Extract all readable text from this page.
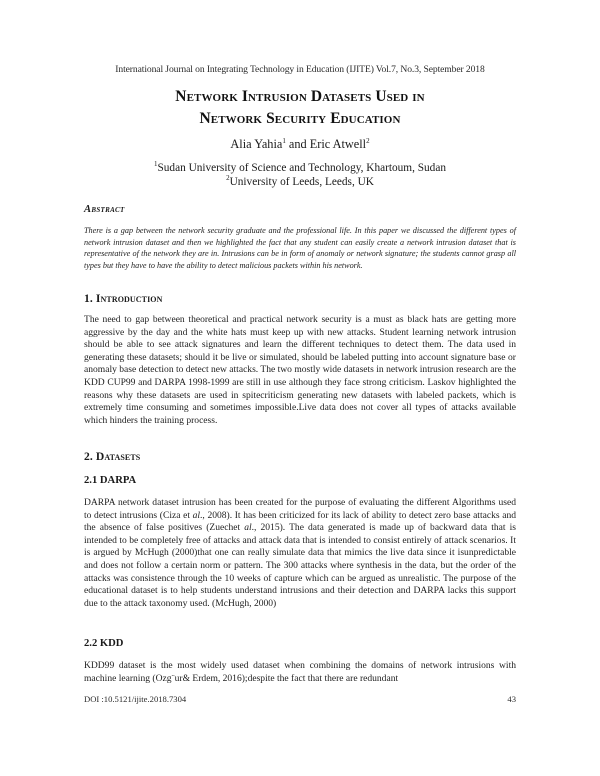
International Journal on Integrating Technology in Education (IJITE) Vol.7, No.3, September 2018
Network Intrusion Datasets Used in
Network Security Education
Alia Yahia$^1$ and Eric Atwell$^2$
$^1$Sudan University of Science and Technology, Khartoum, Sudan
$^2$University of Leeds, Leeds, UK
Abstract

There is a gap between the network security graduate and the professional life. In this paper we discussed the different types of network intrusion dataset and then we highlighted the fact that any student can easily create a network intrusion dataset that is representative of the network they are in. Intrusions can be in form of anomaly or network signature; the students cannot grasp all types but they have to have the ability to detect malicious packets within his network.

1. Introduction

The need to gap between theoretical and practical network security is a must as black hats are getting more aggressive by the day and the white hats must keep up with new attacks. Student learning network intrusion should be able to see attack signatures and learn the different techniques to detect them. The data used in generating these datasets; should it be live or simulated, should be labeled putting into account signature base or anomaly base detection to detect new attacks. The two mostly wide datasets in network intrusion research are the KDD CUP99 and DARPA 1998-1999 are still in use although they face strong criticism. Laskov highlighted the reasons why these datasets are used in spitecriticism generating new datasets with labeled packets, which is extremely time consuming and sometimes impossible.Live data does not cover all types of attacks available which hinders the training process.

2. Datasets
2.1 DARPA

DARPA network dataset intrusion has been created for the purpose of evaluating the different Algorithms used to detect intrusions (Ciza et al., 2008). It has been criticized for its lack of ability to detect zero base attacks and the absence of false positives (Zuechet al., 2015). The data generated is made up of backward data that is intended to be completely free of attacks and attack data that is intended to consist entirely of attack scenarios. It is argued by McHugh (2000)that one can really simulate data that mimics the live data since it isunpredictable and does not follow a certain norm or pattern. The 300 attacks where synthesis in the data, but the order of the attacks was consistence through the 10 weeks of capture which can be argued as unrealistic. The purpose of the educational dataset is to help students understand intrusions and their detection and DARPA lacks this support due to the attack taxonomy used. (McHugh, 2000)

2.2 KDD

KDD99 dataset is the most widely used dataset when combining the domains of network intrusions with machine learning (Ozg¨ur& Erdem, 2016);despite the fact that there are redundant

DOI :10.5121/ijite.2018.7304	43
